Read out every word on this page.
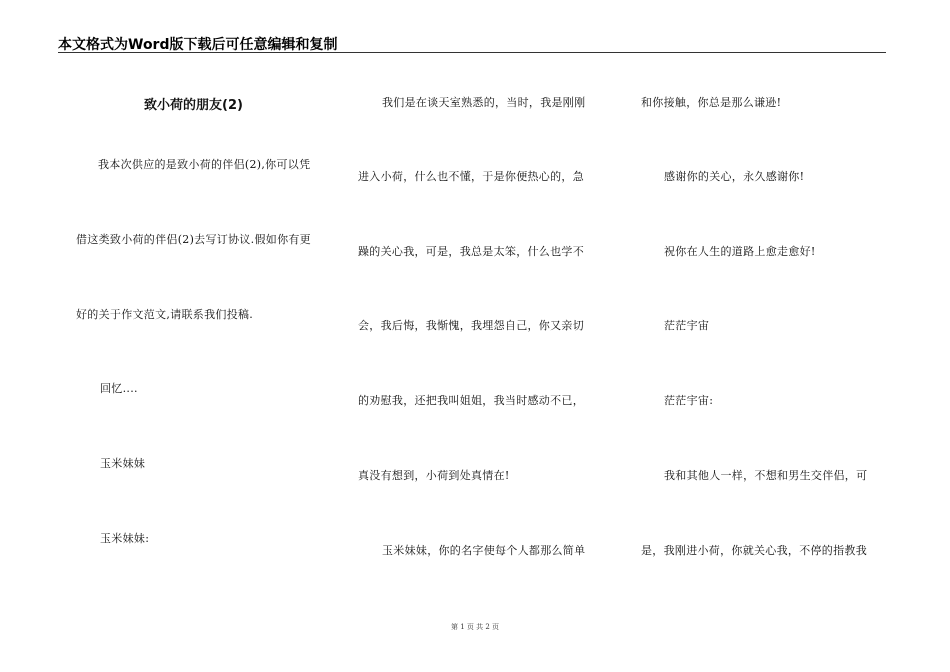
本文格式为Word版下载后可任意编辑和复制
致小荷的朋友(2)
我本次供应的是致小荷的伴侣(2),你可以凭
借这类致小荷的伴侣(2)去写订协议.假如你有更
好的关于作文范文,请联系我们投稿.
回忆....
玉米妹妹
玉米妹妹:
我们是在谈天室熟悉的，当时，我是刚刚
进入小荷，什么也不懂，于是你便热心的，急
躁的关心我，可是，我总是太笨，什么也学不
会，我后悔，我惭愧，我埋怨自己，你又亲切
的劝慰我，还把我叫姐姐，我当时感动不已，
真没有想到，小荷到处真情在!
玉米妹妹，你的名字使每个人都那么简单
和你接触，你总是那么谦逊!
感谢你的关心，永久感谢你!
祝你在人生的道路上愈走愈好!
茫茫宇宙
茫茫宇宙:
我和其他人一样，不想和男生交伴侣，可
是，我刚进小荷，你就关心我，不停的指教我
第 1 页 共 2 页
